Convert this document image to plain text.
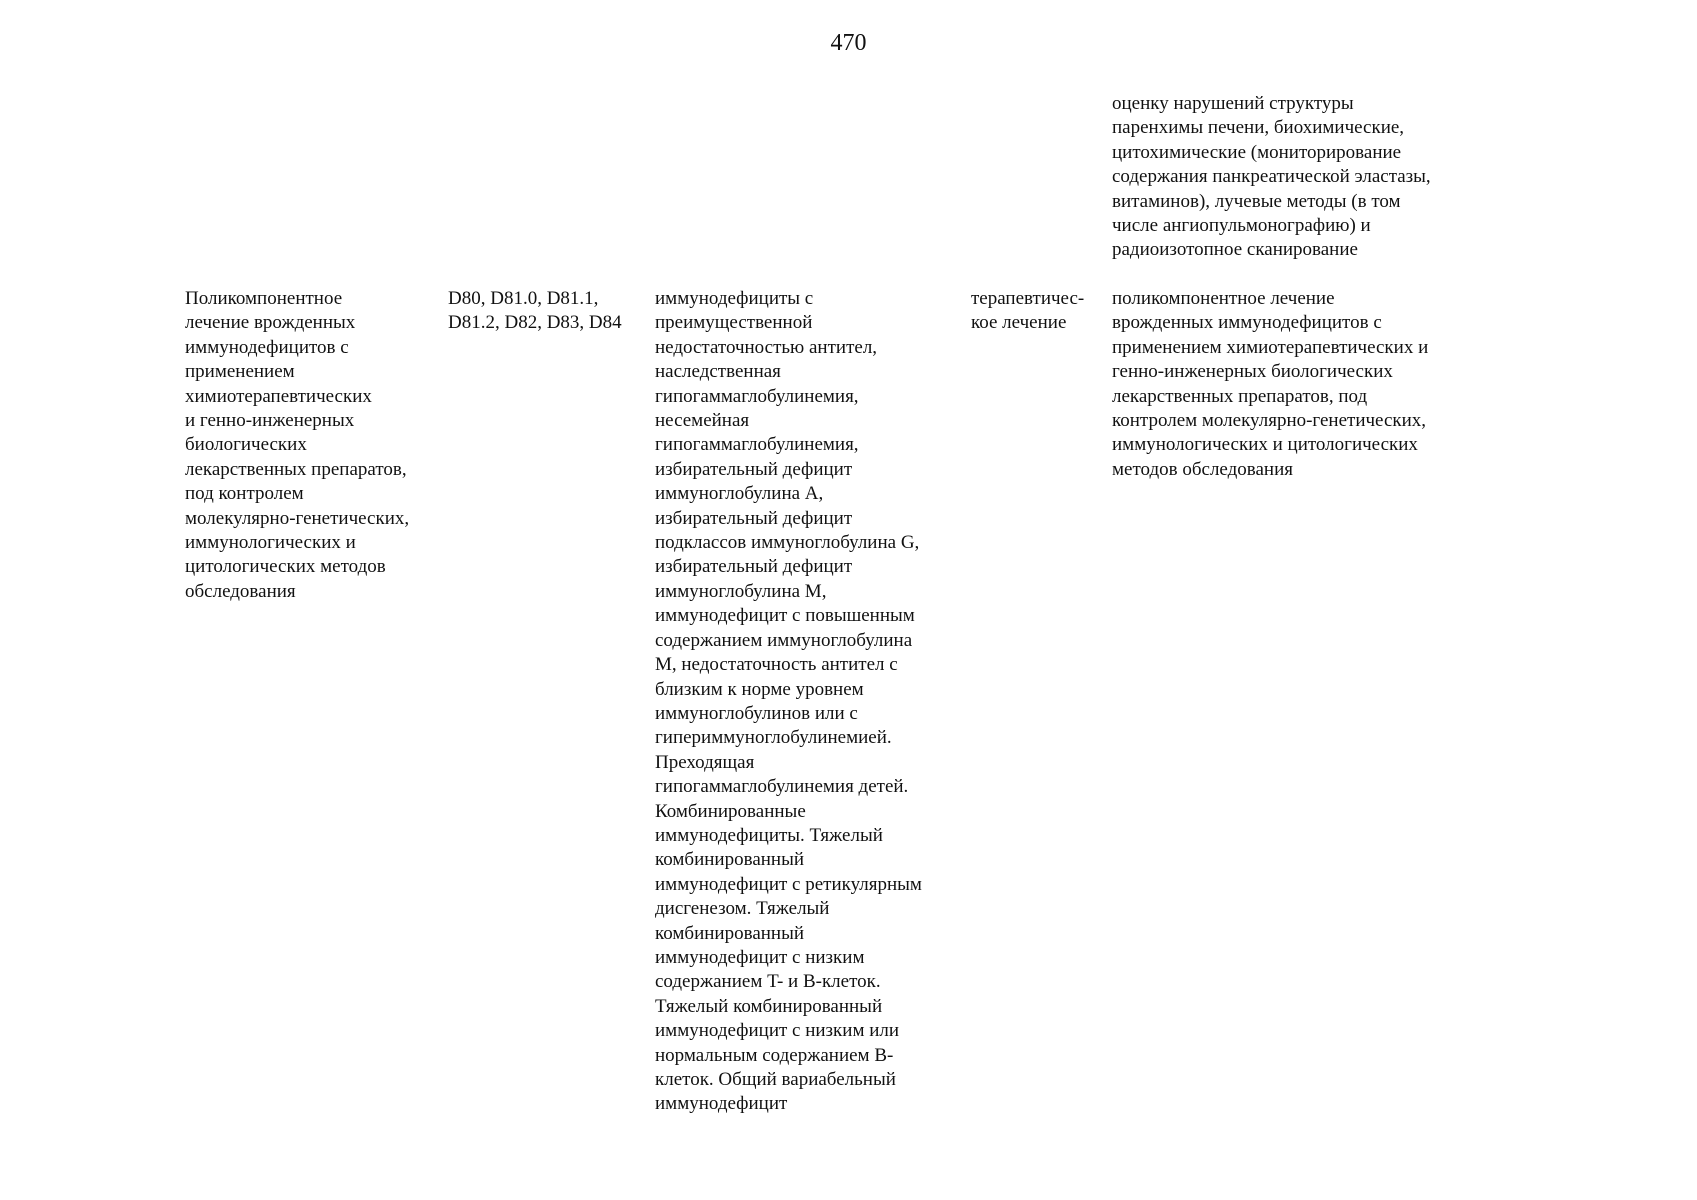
470
оценку нарушений структуры
паренхимы печени, биохимические,
цитохимические (мониторирование
содержания панкреатической эластазы,
витаминов), лучевые методы (в том
числе ангиопульмонографию) и
радиоизотопное сканирование
Поликомпонентное
лечение врожденных
иммунодефицитов с
применением
химиотерапевтических
и генно-инженерных
биологических
лекарственных препаратов,
под контролем
молекулярно-генетических,
иммунологических и
цитологических методов
обследования
D80, D81.0, D81.1,
D81.2, D82, D83, D84
иммунодефициты с
преимущественной
недостаточностью антител,
наследственная
гипогаммаглобулинемия,
несемейная
гипогаммаглобулинемия,
избирательный дефицит
иммуноглобулина A,
избирательный дефицит
подклассов иммуноглобулина G,
избирательный дефицит
иммуноглобулина M,
иммунодефицит с повышенным
содержанием иммуноглобулина
M, недостаточность антител с
близким к норме уровнем
иммуноглобулинов или с
гипериммуноглобулинемией.
Преходящая
гипогаммаглобулинемия детей.
Комбинированные
иммунодефициты. Тяжелый
комбинированный
иммунодефицит с ретикулярным
дисгенезом. Тяжелый
комбинированный
иммунодефицит с низким
содержанием T- и B-клеток.
Тяжелый комбинированный
иммунодефицит с низким или
нормальным содержанием B-
клеток. Общий вариабельный
иммунодефицит
терапевтичес-
кое лечение
поликомпонентное лечение
врожденных иммунодефицитов с
применением химиотерапевтических и
генно-инженерных биологических
лекарственных препаратов, под
контролем молекулярно-генетических,
иммунологических и цитологических
методов обследования
